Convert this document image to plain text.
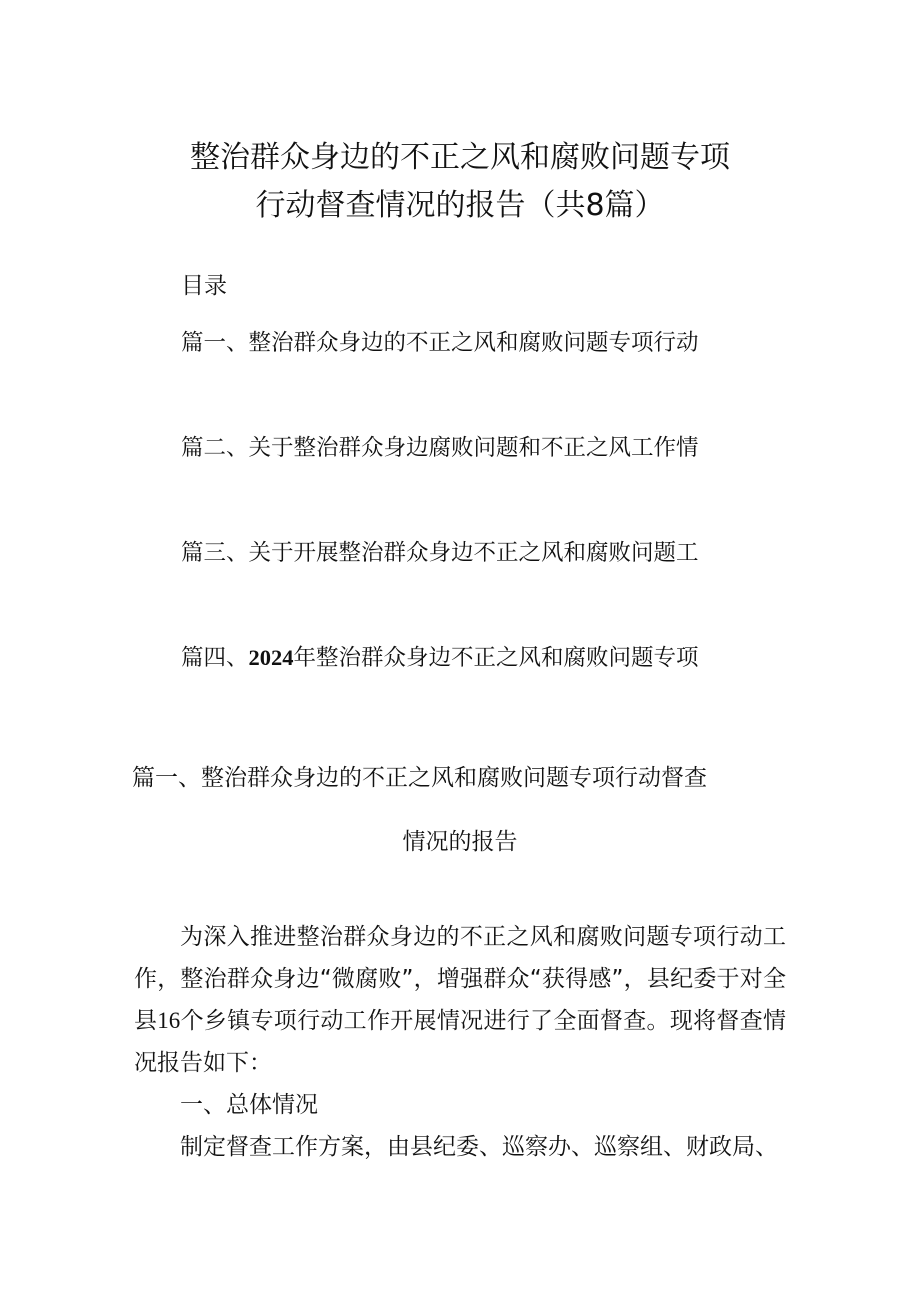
整治群众身边的不正之风和腐败问题专项
行动督查情况的报告（共8篇）
目录
篇一、整治群众身边的不正之风和腐败问题专项行动
篇二、关于整治群众身边腐败问题和不正之风工作情
篇三、关于开展整治群众身边不正之风和腐败问题工
篇四、2024年整治群众身边不正之风和腐败问题专项
篇一、整治群众身边的不正之风和腐败问题专项行动督查
情况的报告

为深入推进整治群众身边的不正之风和腐败问题专项行动工作，整治群众身边“微腐败”，增强群众“获得感”，县纪委于对全县16个乡镇专项行动工作开展情况进行了全面督查。现将督查情况报告如下：

一、总体情况

制定督查工作方案，由县纪委、巡察办、巡察组、财政局、
